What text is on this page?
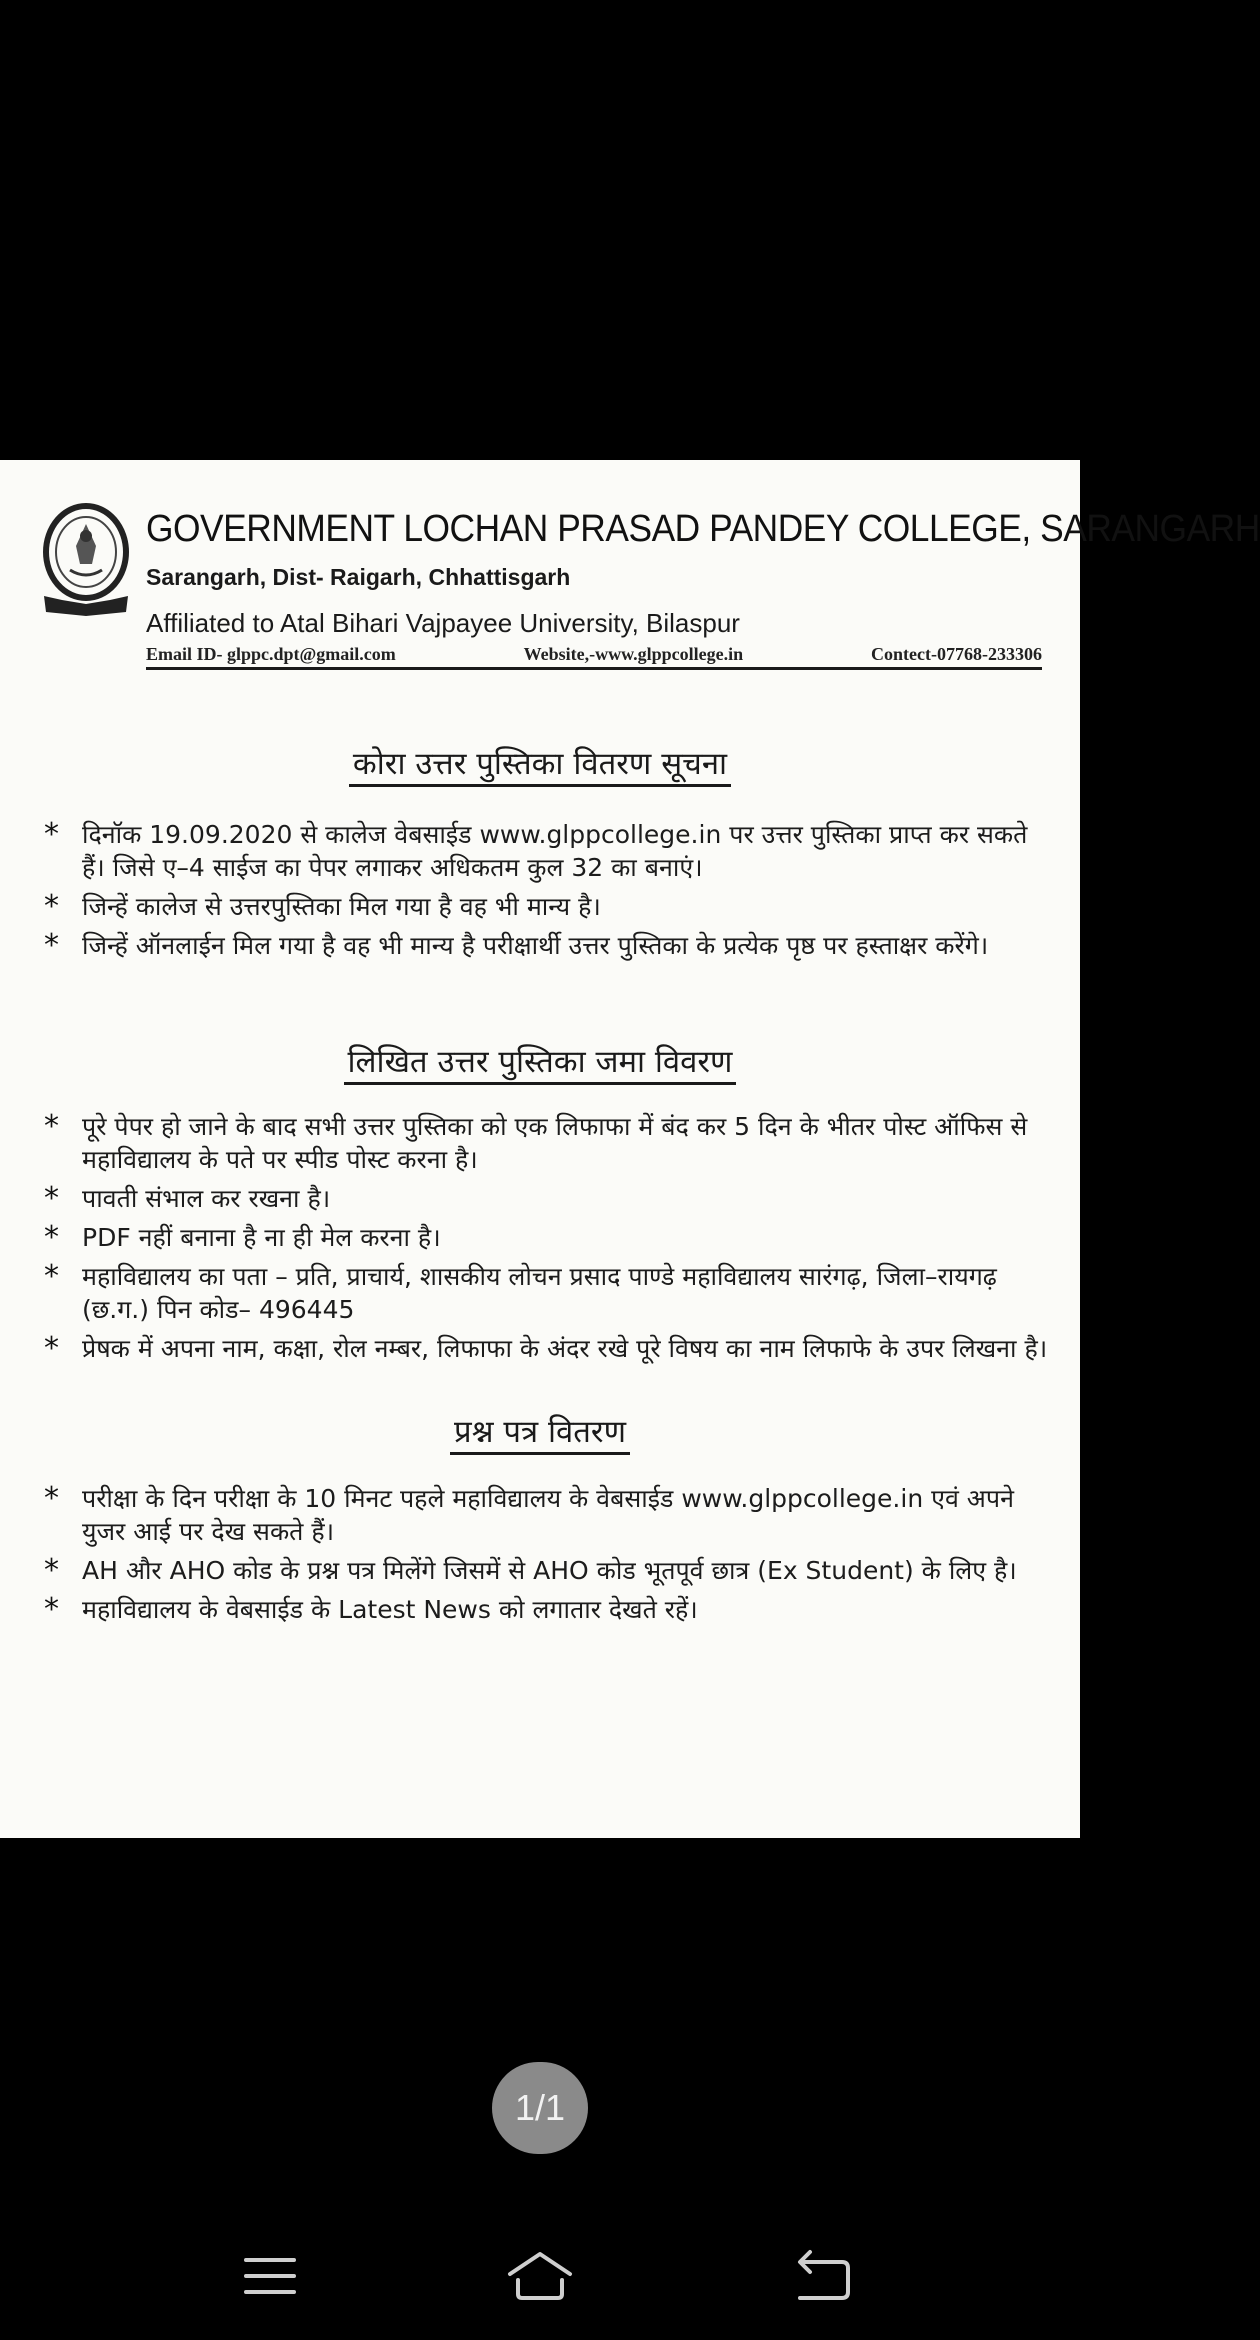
GOVERNMENT LOCHAN PRASAD PANDEY COLLEGE, SARANGARH
Sarangarh, Dist- Raigarh, Chhattisgarh
Affiliated to Atal Bihari Vajpayee University, Bilaspur
Email ID- glppc.dpt@gmail.com	Website,-www.glppcollege.in	Contect-07768-233306
कोरा उत्तर पुस्तिका वितरण सूचना
* दिनॉक 19.09.2020 से कालेज वेबसाईड www.glppcollege.in पर उत्तर पुस्तिका प्राप्त कर सकते हैं। जिसे ए–4 साईज का पेपर लगाकर अधिकतम कुल 32 का बनाएं।
* जिन्हें कालेज से उत्तरपुस्तिका मिल गया है वह भी मान्य है।
* जिन्हें ऑनलाईन मिल गया है वह भी मान्य है परीक्षार्थी उत्तर पुस्तिका के प्रत्येक पृष्ठ पर हस्ताक्षर करेंगे।
लिखित उत्तर पुस्तिका जमा विवरण
* पूरे पेपर हो जाने के बाद सभी उत्तर पुस्तिका को एक लिफाफा में बंद कर 5 दिन के भीतर पोस्ट ऑफिस से महाविद्यालय के पते पर स्पीड पोस्ट करना है।
* पावती संभाल कर रखना है।
* PDF नहीं बनाना है ना ही मेल करना है।
* महाविद्यालय का पता – प्रति, प्राचार्य, शासकीय लोचन प्रसाद पाण्डे महाविद्यालय सारंगढ़, जिला–रायगढ़ (छ.ग.) पिन कोड– 496445
* प्रेषक में अपना नाम, कक्षा, रोल नम्बर, लिफाफा के अंदर रखे पूरे विषय का नाम लिफाफे के उपर लिखना है।
प्रश्न पत्र वितरण
* परीक्षा के दिन परीक्षा के 10 मिनट पहले महाविद्यालय के वेबसाईड www.glppcollege.in एवं अपने युजर आई पर देख सकते हैं।
* AH और AHO कोड के प्रश्न पत्र मिलेंगे जिसमें से AHO कोड भूतपूर्व छात्र (Ex Student) के लिए है।
* महाविद्यालय के वेबसाईड के Latest News को लगातार देखते रहें।
1/1
